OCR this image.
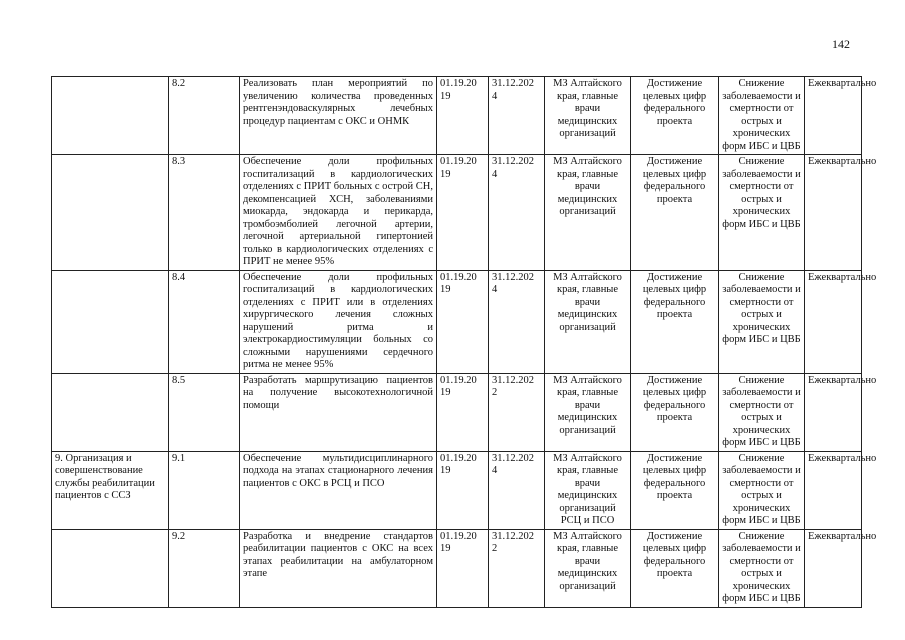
142
	8.2	Реализовать план мероприятий по увеличению количества проведенных рентгенэндоваскулярных лечебных процедур пациентам с ОКС и ОНМК	01.19.20 19	31.12.202 4	МЗ Алтайского края, главные врачи медицинских организаций	Достижение целевых цифр федерального проекта	Снижение заболеваемости и смертности от острых и хронических форм ИБС и ЦВБ	Ежеквартально
	8.3	Обеспечение доли профильных госпитализаций в кардиологических отделениях с ПРИТ больных с острой СН, декомпенсацией ХСН, заболеваниями миокарда, эндокарда и перикарда, тромбоэмболией легочной артерии, легочной артериальной гипертонией только в кардиологических отделениях с ПРИТ не менее 95%	01.19.20 19	31.12.202 4	МЗ Алтайского края, главные врачи медицинских организаций	Достижение целевых цифр федерального проекта	Снижение заболеваемости и смертности от острых и хронических форм ИБС и ЦВБ	Ежеквартально
	8.4	Обеспечение доли профильных госпитализаций в кардиологических отделениях с ПРИТ или в отделениях хирургического лечения сложных нарушений ритма и электрокардиостимуляции больных со сложными нарушениями сердечного ритма не менее 95%	01.19.20 19	31.12.202 4	МЗ Алтайского края, главные врачи медицинских организаций	Достижение целевых цифр федерального проекта	Снижение заболеваемости и смертности от острых и хронических форм ИБС и ЦВБ	Ежеквартально
	8.5	Разработать маршрутизацию пациентов на получение высокотехнологичной помощи	01.19.20 19	31.12.202 2	МЗ Алтайского края, главные врачи медицинских организаций	Достижение целевых цифр федерального проекта	Снижение заболеваемости и смертности от острых и хронических форм ИБС и ЦВБ	Ежеквартально
9. Организация и совершенствование службы реабилитации пациентов с ССЗ	9.1	Обеспечение мультидисциплинарного подхода на этапах стационарного лечения пациентов с ОКС в РСЦ и ПСО	01.19.20 19	31.12.202 4	МЗ Алтайского края, главные врачи медицинских организаций РСЦ и ПСО	Достижение целевых цифр федерального проекта	Снижение заболеваемости и смертности от острых и хронических форм ИБС и ЦВБ	Ежеквартально
	9.2	Разработка и внедрение стандартов реабилитации пациентов с ОКС на всех этапах реабилитации на амбулаторном этапе	01.19.20 19	31.12.202 2	МЗ Алтайского края, главные врачи медицинских организаций	Достижение целевых цифр федерального проекта	Снижение заболеваемости и смертности от острых и хронических форм ИБС и ЦВБ	Ежеквартально
